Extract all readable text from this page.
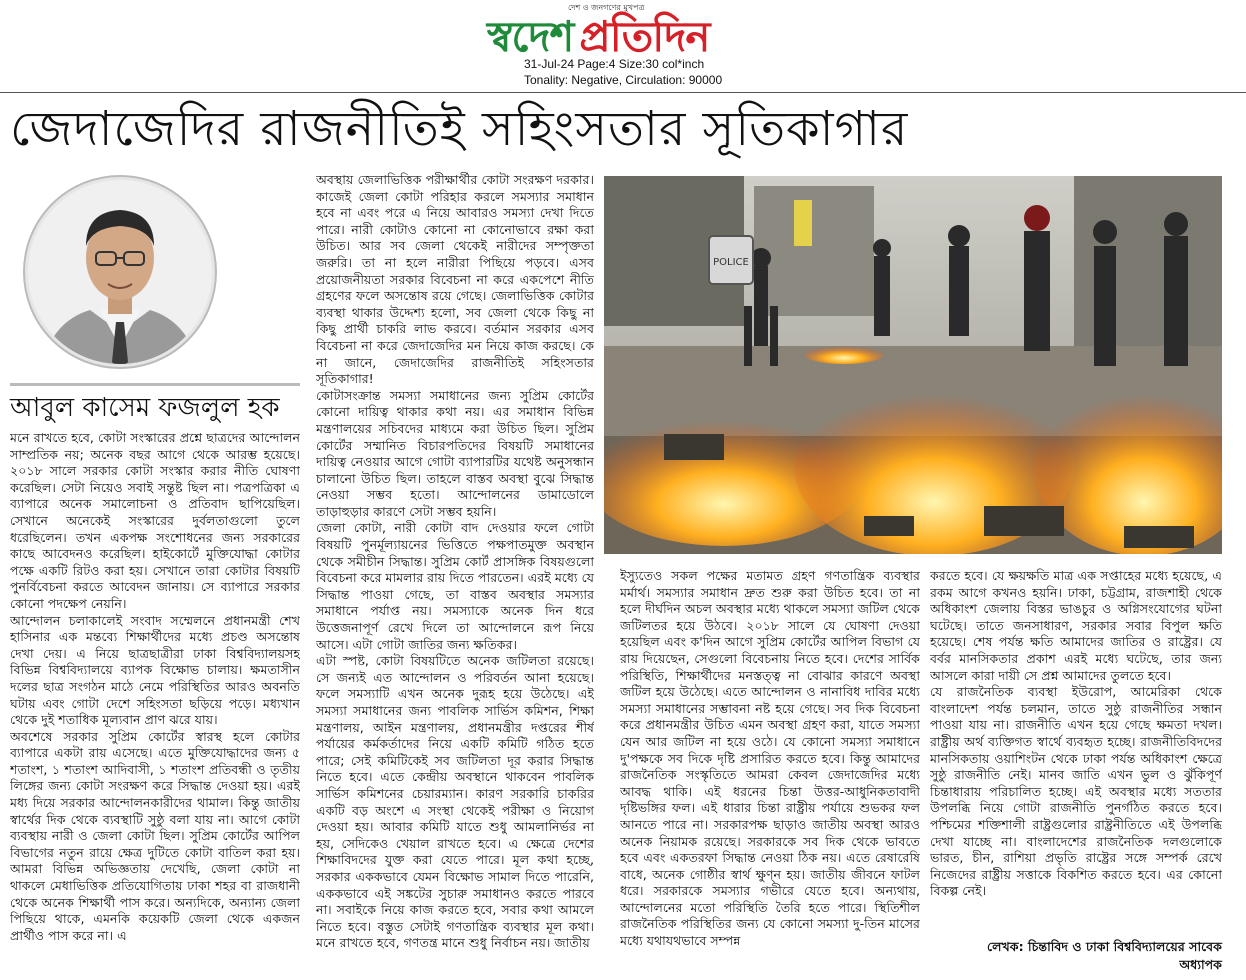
স্বদেশ প্রতিদিন
দেশ ও জনগণের মুখপত্র
31-Jul-24 Page:4 Size:30 col*inch
Tonality: Negative, Circulation: 90000
জেদাজেদির রাজনীতিই সহিংসতার সূতিকাগার
আবুল কাসেম ফজলুল হক

মনে রাখতে হবে, কোটা সংস্কারের প্রশ্নে ছাত্রদের আন্দোলন সাম্প্রতিক নয়; অনেক বছর আগে থেকে আরম্ভ হয়েছে। ২০১৮ সালে সরকার কোটা সংস্কার করার নীতি ঘোষণা করেছিল। সেটা নিয়েও সবাই সন্তুষ্ট ছিল না। পত্রপত্রিকা এ ব্যাপারে অনেক সমালোচনা ও প্রতিবাদ ছাপিয়েছিল। সেখানে অনেকেই সংস্কারের দুর্বলতাগুলো তুলে ধরেছিলেন। তখন একপক্ষ সংশোধনের জন্য সরকারের কাছে আবেদনও করেছিল। হাইকোর্টে মুক্তিযোদ্ধা কোটার পক্ষে একটি রিটও করা হয়। সেখানে তারা কোটার বিষয়টি পুনর্বিবেচনা করতে আবেদন জানায়। সে ব্যাপারে সরকার কোনো পদক্ষেপ নেয়নি।

আন্দোলন চলাকালেই সংবাদ সম্মেলনে প্রধানমন্ত্রী শেখ হাসিনার এক মন্তব্যে শিক্ষার্থীদের মধ্যে প্রচণ্ড অসন্তোষ দেখা দেয়। এ নিয়ে ছাত্রছাত্রীরা ঢাকা বিশ্ববিদ্যালয়সহ বিভিন্ন বিশ্ববিদ্যালয়ে ব্যাপক বিক্ষোভ চালায়। ক্ষমতাসীন দলের ছাত্র সংগঠন মাঠে নেমে পরিস্থিতির আরও অবনতি ঘটায় এবং গোটা দেশে সহিংসতা ছড়িয়ে পড়ে। মধ্যখান থেকে দুই শতাধিক মূল্যবান প্রাণ ঝরে যায়।

অবশেষে সরকার সুপ্রিম কোর্টের স্বারস্থ হলে কোটার ব্যাপারে একটা রায় এসেছে। এতে মুক্তিযোদ্ধাদের জন্য ৫ শতাংশ, ১ শতাংশ আদিবাসী, ১ শতাংশ প্রতিবন্ধী ও তৃতীয় লিঙ্গের জন্য কোটা সংরক্ষণ করে সিদ্ধান্ত দেওয়া হয়। এরই মধ্য দিয়ে সরকার আন্দোলনকারীদের থামাল। কিন্তু জাতীয় স্বার্থের দিক থেকে ব্যবস্থাটি সুষ্ঠু বলা যায় না। আগে কোটা ব্যবস্থায় নারী ও জেলা কোটা ছিল। সুপ্রিম কোর্টের আপিল বিভাগের নতুন রায়ে ক্ষেত্র দুটিতে কোটা বাতিল করা হয়। আমরা বিভিন্ন অভিজ্ঞতায় দেখেছি, জেলা কোটা না থাকলে মেধাভিত্তিক প্রতিযোগিতায় ঢাকা শহর বা রাজধানী থেকে অনেক শিক্ষার্থী পাস করে। অন্যদিকে, অন্যান্য জেলা পিছিয়ে থাকে, এমনকি কয়েকটি জেলা থেকে একজন প্রার্থীও পাস করে না। এ

অবস্থায় জেলাভিত্তিক পরীক্ষার্থীর কোটা সংরক্ষণ দরকার। কাজেই জেলা কোটা পরিহার করলে সমস্যার সমাধান হবে না এবং পরে এ নিয়ে আবারও সমস্যা দেখা দিতে পারে। নারী কোটাও কোনো না কোনোভাবে রক্ষা করা উচিত। আর সব জেলা থেকেই নারীদের সম্পৃক্ততা জরুরি। তা না হলে নারীরা পিছিয়ে পড়বে। এসব প্রয়োজনীয়তা সরকার বিবেচনা না করে একপেশে নীতি গ্রহণের ফলে অসন্তোষ রয়ে গেছে। জেলাভিত্তিক কোটার ব্যবস্থা থাকার উদ্দেশ্য হলো, সব জেলা থেকে কিছু না কিছু প্রার্থী চাকরি লাভ করবে। বর্তমান সরকার এসব বিবেচনা না করে জেদাজেদির মন নিয়ে কাজ করছে। কে না জানে, জেদাজেদির রাজনীতিই সহিংসতার সূতিকাগার!

কোটাসংক্রান্ত সমস্যা সমাধানের জন্য সুপ্রিম কোর্টের কোনো দায়িত্ব থাকার কথা নয়। এর সমাধান বিভিন্ন মন্ত্রণালয়ের সচিবদের মাধ্যমে করা উচিত ছিল। সুপ্রিম কোর্টের সম্মানিত বিচারপতিদের বিষয়টি সমাধানের দায়িত্ব নেওয়ার আগে গোটা ব্যাপারটির যথেষ্ট অনুসন্ধান চালানো উচিত ছিল। তাহলে বাস্তব অবস্থা বুঝে সিদ্ধান্ত নেওয়া সম্ভব হতো। আন্দোলনের ডামাডোলে তাড়াহুড়ার কারণে সেটা সম্ভব হয়নি।

জেলা কোটা, নারী কোটা বাদ দেওয়ার ফলে গোটা বিষয়টি পুনর্মূল্যায়নের ভিত্তিতে পক্ষপাতমুক্ত অবস্থান থেকে সমীচীন সিদ্ধান্ত। সুপ্রিম কোর্ট প্রাসঙ্গিক বিষয়গুলো বিবেচনা করে মামলার রায় দিতে পারতেন। এরই মধ্যে যে সিদ্ধান্ত পাওয়া গেছে, তা বাস্তব অবস্থার সমস্যার সমাধানে পর্যাপ্ত নয়। সমস্যাকে অনেক দিন ধরে উত্তেজনাপূর্ণ রেখে দিলে তা আন্দোলনে রূপ নিয়ে আসে। এটা গোটা জাতির জন্য ক্ষতিকর।

এটা স্পষ্ট, কোটা বিষয়টিতে অনেক জটিলতা রয়েছে। সে জন্যই এত আন্দোলন ও পরিবর্তন আনা হয়েছে। ফলে সমস্যাটি এখন অনেক দুরূহ হয়ে উঠেছে। এই সমস্যা সমাধানের জন্য পাবলিক সার্ভিস কমিশন, শিক্ষা মন্ত্রণালয়, আইন মন্ত্রণালয়, প্রধানমন্ত্রীর দপ্তরের শীর্ষ পর্যায়ের কর্মকর্তাদের নিয়ে একটি কমিটি গঠিত হতে পারে; সেই কমিটিকেই সব জটিলতা দূর করার সিদ্ধান্ত নিতে হবে। এতে কেন্দ্রীয় অবস্থানে থাকবেন পাবলিক সার্ভিস কমিশনের চেয়ারম্যান। কারণ সরকারি চাকরির একটি বড় অংশে এ সংস্থা থেকেই পরীক্ষা ও নিয়োগ দেওয়া হয়। আবার কমিটি যাতে শুধু আমলানির্ভর না হয়, সেদিকেও খেয়াল রাখতে হবে। এ ক্ষেত্রে দেশের শিক্ষাবিদদের যুক্ত করা যেতে পারে। মূল কথা হচ্ছে, সরকার এককভাবে যেমন বিক্ষোভ সামাল দিতে পারেনি, এককভাবে এই সঙ্কটের সুচারু সমাধানও করতে পারবে না। সবাইকে নিয়ে কাজ করতে হবে, সবার কথা আমলে নিতে হবে। বস্তুত সেটাই গণতান্ত্রিক ব্যবস্থার মূল কথা। মনে রাখতে হবে, গণতন্ত্র মানে শুধু নির্বাচন নয়। জাতীয়

POLICE

ইস্যুতেও সকল পক্ষের মতামত গ্রহণ গণতান্ত্রিক ব্যবস্থার মর্মার্থ। সমস্যার সমাধান দ্রুত শুরু করা উচিত হবে। তা না হলে দীর্ঘদিন অচল অবস্থার মধ্যে থাকলে সমস্যা জটিল থেকে জটিলতর হয়ে উঠবে। ২০১৮ সালে যে ঘোষণা দেওয়া হয়েছিল এবং ক'দিন আগে সুপ্রিম কোর্টের আপিল বিভাগ যে রায় দিয়েছেন, সেগুলো বিবেচনায় নিতে হবে। দেশের সার্বিক পরিস্থিতি, শিক্ষার্থীদের মনস্তত্ত্ব না বোঝার কারণে অবস্থা জটিল হয়ে উঠেছে। এতে আন্দোলন ও নানাবিধ দাবির মধ্যে সমস্যা সমাধানের সম্ভাবনা নষ্ট হয়ে গেছে। সব দিক বিবেচনা করে প্রধানমন্ত্রীর উচিত এমন অবস্থা গ্রহণ করা, যাতে সমস্যা যেন আর জটিল না হয়ে ওঠে। যে কোনো সমস্যা সমাধানে দু'পক্ষকে সব দিকে দৃষ্টি প্রসারিত করতে হবে। কিন্তু আমাদের রাজনৈতিক সংস্কৃতিতে আমরা কেবল জেদাজেদির মধ্যে আবদ্ধ থাকি। এই ধরনের চিন্তা উত্তর-আধুনিকতাবাদী দৃষ্টিভঙ্গির ফল। এই ধারার চিন্তা রাষ্ট্রীয় পর্যায়ে শুভকর ফল আনতে পারে না। সরকারপক্ষ ছাড়াও জাতীয় অবস্থা আরও অনেক নিয়ামক রয়েছে। সরকারকে সব দিক থেকে ভাবতে হবে এবং একতরফা সিদ্ধান্ত নেওয়া ঠিক নয়। এতে রেষারেষি বাধে, অনেক গোষ্ঠীর স্বার্থ ক্ষুণ্ন হয়। জাতীয় জীবনে ফাটল ধরে। সরকারকে সমস্যার গভীরে যেতে হবে। অন্যথায়, আন্দোলনের মতো পরিস্থিতি তৈরি হতে পারে। স্থিতিশীল রাজনৈতিক পরিস্থিতির জন্য যে কোনো সমস্যা দু-তিন মাসের মধ্যে যথাযথভাবে সম্পন্ন

করতে হবে। যে ক্ষয়ক্ষতি মাত্র এক সপ্তাহের মধ্যে হয়েছে, এ রকম আগে কখনও হয়নি। ঢাকা, চট্টগ্রাম, রাজশাহী থেকে অধিকাংশ জেলায় বিস্তর ভাঙচুর ও অগ্নিসংযোগের ঘটনা ঘটেছে। তাতে জনসাধারণ, সরকার সবার বিপুল ক্ষতি হয়েছে। শেষ পর্যন্ত ক্ষতি আমাদের জাতির ও রাষ্ট্রের। যে বর্বর মানসিকতার প্রকাশ এরই মধ্যে ঘটেছে, তার জন্য আসলে কারা দায়ী সে প্রশ্ন আমাদের তুলতে হবে।

যে রাজনৈতিক ব্যবস্থা ইউরোপ, আমেরিকা থেকে বাংলাদেশ পর্যন্ত চলমান, তাতে সুষ্ঠু রাজনীতির সন্ধান পাওয়া যায় না। রাজনীতি এখন হয়ে গেছে ক্ষমতা দখল। রাষ্ট্রীয় অর্থ ব্যক্তিগত স্বার্থে ব্যবহৃত হচ্ছে। রাজনীতিবিদদের মানসিকতায় ওয়াশিংটন থেকে ঢাকা পর্যন্ত অধিকাংশ ক্ষেত্রে সুষ্ঠু রাজনীতি নেই। মানব জাতি এখন ভুল ও ঝুঁকিপূর্ণ চিন্তাধারায় পরিচালিত হচ্ছে। এই অবস্থার মধ্যে সততার উপলব্ধি নিয়ে গোটা রাজনীতি পুনর্গঠিত করতে হবে। পশ্চিমের শক্তিশালী রাষ্ট্রগুলোর রাষ্ট্রনীতিতে এই উপলব্ধি দেখা যাচ্ছে না। বাংলাদেশের রাজনৈতিক দলগুলোকে ভারত, চীন, রাশিয়া প্রভৃতি রাষ্ট্রের সঙ্গে সম্পর্ক রেখে নিজেদের রাষ্ট্রীয় সত্তাকে বিকশিত করতে হবে। এর কোনো বিকল্প নেই।

লেখক: চিন্তাবিদ ও ঢাকা বিশ্ববিদ্যালয়ের সাবেক
অধ্যাপক
